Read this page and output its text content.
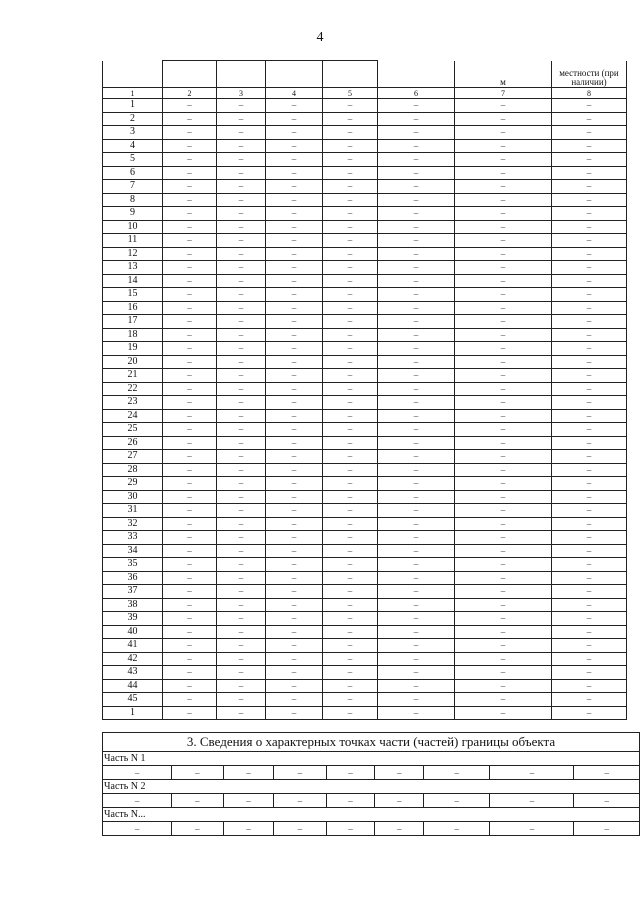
4
						м	местности (при наличии)
1	2	3	4	5	6	7	8
1	–	–	–	–	–	–	–
2	–	–	–	–	–	–	–
3	–	–	–	–	–	–	–
4	–	–	–	–	–	–	–
5	–	–	–	–	–	–	–
6	–	–	–	–	–	–	–
7	–	–	–	–	–	–	–
8	–	–	–	–	–	–	–
9	–	–	–	–	–	–	–
10	–	–	–	–	–	–	–
11	–	–	–	–	–	–	–
12	–	–	–	–	–	–	–
13	–	–	–	–	–	–	–
14	–	–	–	–	–	–	–
15	–	–	–	–	–	–	–
16	–	–	–	–	–	–	–
17	–	–	–	–	–	–	–
18	–	–	–	–	–	–	–
19	–	–	–	–	–	–	–
20	–	–	–	–	–	–	–
21	–	–	–	–	–	–	–
22	–	–	–	–	–	–	–
23	–	–	–	–	–	–	–
24	–	–	–	–	–	–	–
25	–	–	–	–	–	–	–
26	–	–	–	–	–	–	–
27	–	–	–	–	–	–	–
28	–	–	–	–	–	–	–
29	–	–	–	–	–	–	–
30	–	–	–	–	–	–	–
31	–	–	–	–	–	–	–
32	–	–	–	–	–	–	–
33	–	–	–	–	–	–	–
34	–	–	–	–	–	–	–
35	–	–	–	–	–	–	–
36	–	–	–	–	–	–	–
37	–	–	–	–	–	–	–
38	–	–	–	–	–	–	–
39	–	–	–	–	–	–	–
40	–	–	–	–	–	–	–
41	–	–	–	–	–	–	–
42	–	–	–	–	–	–	–
43	–	–	–	–	–	–	–
44	–	–	–	–	–	–	–
45	–	–	–	–	–	–	–
1	–	–	–	–	–	–	–
3. Сведения о характерных точках части (частей) границы объекта								
Часть N 1								
–	–	–	–	–	–	–	–	–
Часть N 2								
–	–	–	–	–	–	–	–	–
Часть N...								
–	–	–	–	–	–	–	–	–
